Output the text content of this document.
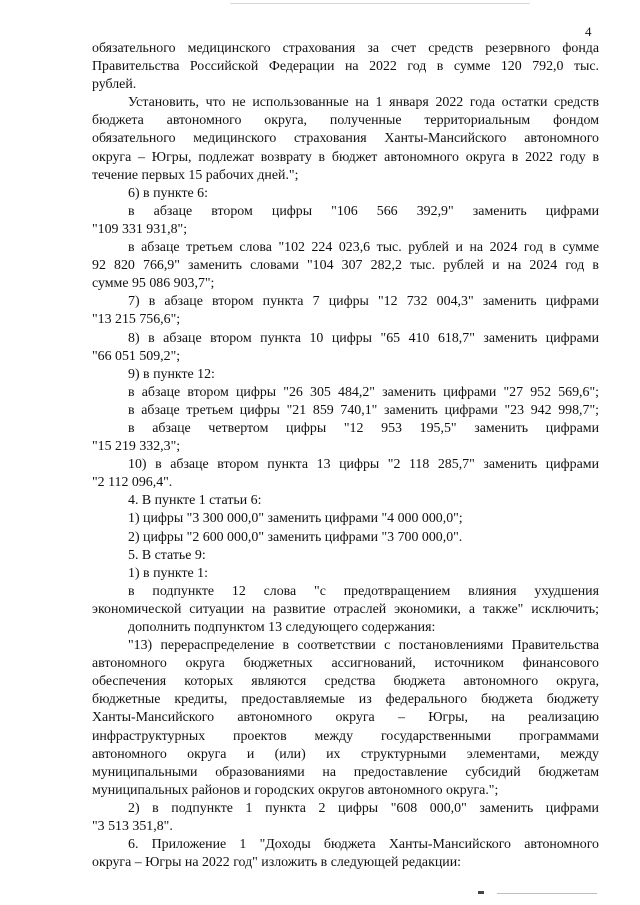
4
обязательного медицинского страхования за счет средств резервного фонда
Правительства Российской Федерации на 2022 год в сумме 120 792,0 тыс.
рублей.
Установить, что не использованные на 1 января 2022 года остатки средств
бюджета автономного округа, полученные территориальным фондом
обязательного медицинского страхования Ханты-Мансийского автономного
округа – Югры, подлежат возврату в бюджет автономного округа в 2022 году в
течение первых 15 рабочих дней.";
6) в пункте 6:
в абзаце втором цифры "106 566 392,9" заменить цифрами
"109 331 931,8";
в абзаце третьем слова "102 224 023,6 тыс. рублей и на 2024 год в сумме
92 820 766,9" заменить словами "104 307 282,2 тыс. рублей и на 2024 год в
сумме 95 086 903,7";
7) в абзаце втором пункта 7 цифры "12 732 004,3" заменить цифрами
"13 215 756,6";
8) в абзаце втором пункта 10 цифры "65 410 618,7" заменить цифрами
"66 051 509,2";
9) в пункте 12:
в абзаце втором цифры "26 305 484,2" заменить цифрами "27 952 569,6";
в абзаце третьем цифры "21 859 740,1" заменить цифрами "23 942 998,7";
в абзаце четвертом цифры "12 953 195,5" заменить цифрами
"15 219 332,3";
10) в абзаце втором пункта 13 цифры "2 118 285,7" заменить цифрами
"2 112 096,4".
4. В пункте 1 статьи 6:
1) цифры "3 300 000,0" заменить цифрами "4 000 000,0";
2) цифры "2 600 000,0" заменить цифрами "3 700 000,0".
5. В статье 9:
1) в пункте 1:
в подпункте 12 слова "с предотвращением влияния ухудшения
экономической ситуации на развитие отраслей экономики, а также" исключить;
дополнить подпунктом 13 следующего содержания:
"13) перераспределение в соответствии с постановлениями Правительства
автономного округа бюджетных ассигнований, источником финансового
обеспечения которых являются средства бюджета автономного округа,
бюджетные кредиты, предоставляемые из федерального бюджета бюджету
Ханты-Мансийского автономного округа – Югры, на реализацию
инфраструктурных проектов между государственными программами
автономного округа и (или) их структурными элементами, между
муниципальными образованиями на предоставление субсидий бюджетам
муниципальных районов и городских округов автономного округа.";
2) в подпункте 1 пункта 2 цифры "608 000,0" заменить цифрами
"3 513 351,8".
6. Приложение 1 "Доходы бюджета Ханты-Мансийского автономного
округа – Югры на 2022 год" изложить в следующей редакции:
